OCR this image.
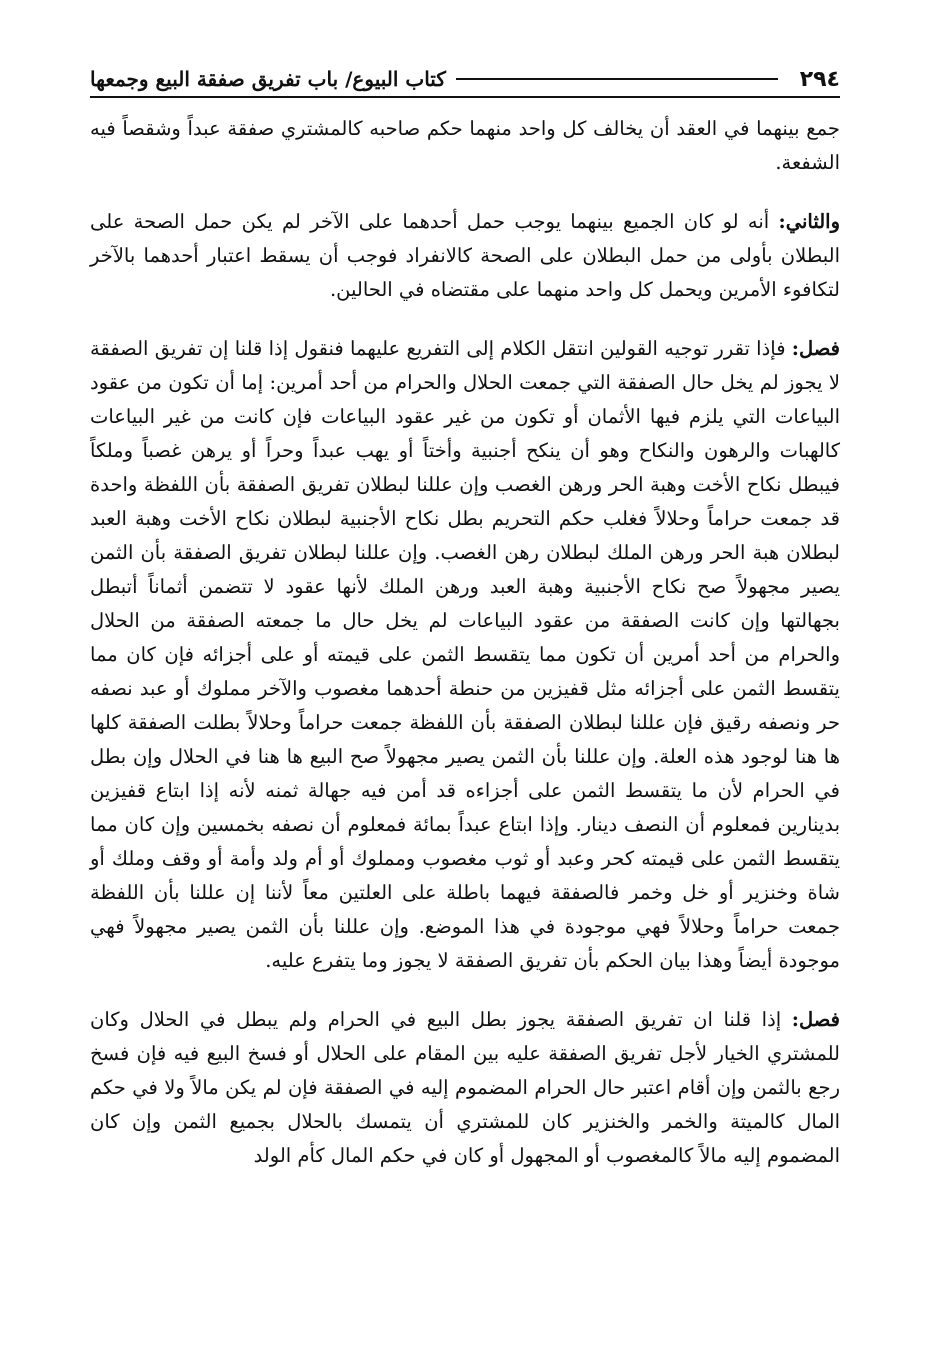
٢٩٤
كتاب البيوع/ باب تفريق صفقة البيع وجمعها

جمع بينهما في العقد أن يخالف كل واحد منهما حكم صاحبه كالمشتري صفقة عبداً وشقصاً فيه الشفعة.

والثاني: أنه لو كان الجميع بينهما يوجب حمل أحدهما على الآخر لم يكن حمل الصحة على البطلان بأولى من حمل البطلان على الصحة كالانفراد فوجب أن يسقط اعتبار أحدهما بالآخر لتكافوء الأمرين ويحمل كل واحد منهما على مقتضاه في الحالين.

فصل: فإذا تقرر توجيه القولين انتقل الكلام إلى التفريع عليهما فنقول إذا قلنا إن تفريق الصفقة لا يجوز لم يخل حال الصفقة التي جمعت الحلال والحرام من أحد أمرين: إما أن تكون من عقود البياعات التي يلزم فيها الأثمان أو تكون من غير عقود البياعات فإن كانت من غير البياعات كالهبات والرهون والنكاح وهو أن ينكح أجنبية وأختاً أو يهب عبداً وحراً أو يرهن غصباً وملكاً فيبطل نكاح الأخت وهبة الحر ورهن الغصب وإن عللنا لبطلان تفريق الصفقة بأن اللفظة واحدة قد جمعت حراماً وحلالاً فغلب حكم التحريم بطل نكاح الأجنبية لبطلان نكاح الأخت وهبة العبد لبطلان هبة الحر ورهن الملك لبطلان رهن الغصب. وإن عللنا لبطلان تفريق الصفقة بأن الثمن يصير مجهولاً صح نكاح الأجنبية وهبة العبد ورهن الملك لأنها عقود لا تتضمن أثماناً أتبطل بجهالتها وإن كانت الصفقة من عقود البياعات لم يخل حال ما جمعته الصفقة من الحلال والحرام من أحد أمرين أن تكون مما يتقسط الثمن على قيمته أو على أجزائه فإن كان مما يتقسط الثمن على أجزائه مثل قفيزين من حنطة أحدهما مغصوب والآخر مملوك أو عبد نصفه حر ونصفه رقيق فإن عللنا لبطلان الصفقة بأن اللفظة جمعت حراماً وحلالاً بطلت الصفقة كلها ها هنا لوجود هذه العلة. وإن عللنا بأن الثمن يصير مجهولاً صح البيع ها هنا في الحلال وإن بطل في الحرام لأن ما يتقسط الثمن على أجزاءه قد أمن فيه جهالة ثمنه لأنه إذا ابتاع قفيزين بدينارين فمعلوم أن النصف دينار. وإذا ابتاع عبداً بمائة فمعلوم أن نصفه بخمسين وإن كان مما يتقسط الثمن على قيمته كحر وعبد أو ثوب مغصوب ومملوك أو أم ولد وأمة أو وقف وملك أو شاة وخنزير أو خل وخمر فالصفقة فيهما باطلة على العلتين معاً لأننا إن عللنا بأن اللفظة جمعت حراماً وحلالاً فهي موجودة في هذا الموضع. وإن عللنا بأن الثمن يصير مجهولاً فهي موجودة أيضاً وهذا بيان الحكم بأن تفريق الصفقة لا يجوز وما يتفرع عليه.

فصل: إذا قلنا ان تفريق الصفقة يجوز بطل البيع في الحرام ولم يبطل في الحلال وكان للمشتري الخيار لأجل تفريق الصفقة عليه بين المقام على الحلال أو فسخ البيع فيه فإن فسخ رجع بالثمن وإن أقام اعتبر حال الحرام المضموم إليه في الصفقة فإن لم يكن مالاً ولا في حكم المال كالميتة والخمر والخنزير كان للمشتري أن يتمسك بالحلال بجميع الثمن وإن كان المضموم إليه مالاً كالمغصوب أو المجهول أو كان في حكم المال كأم الولد
